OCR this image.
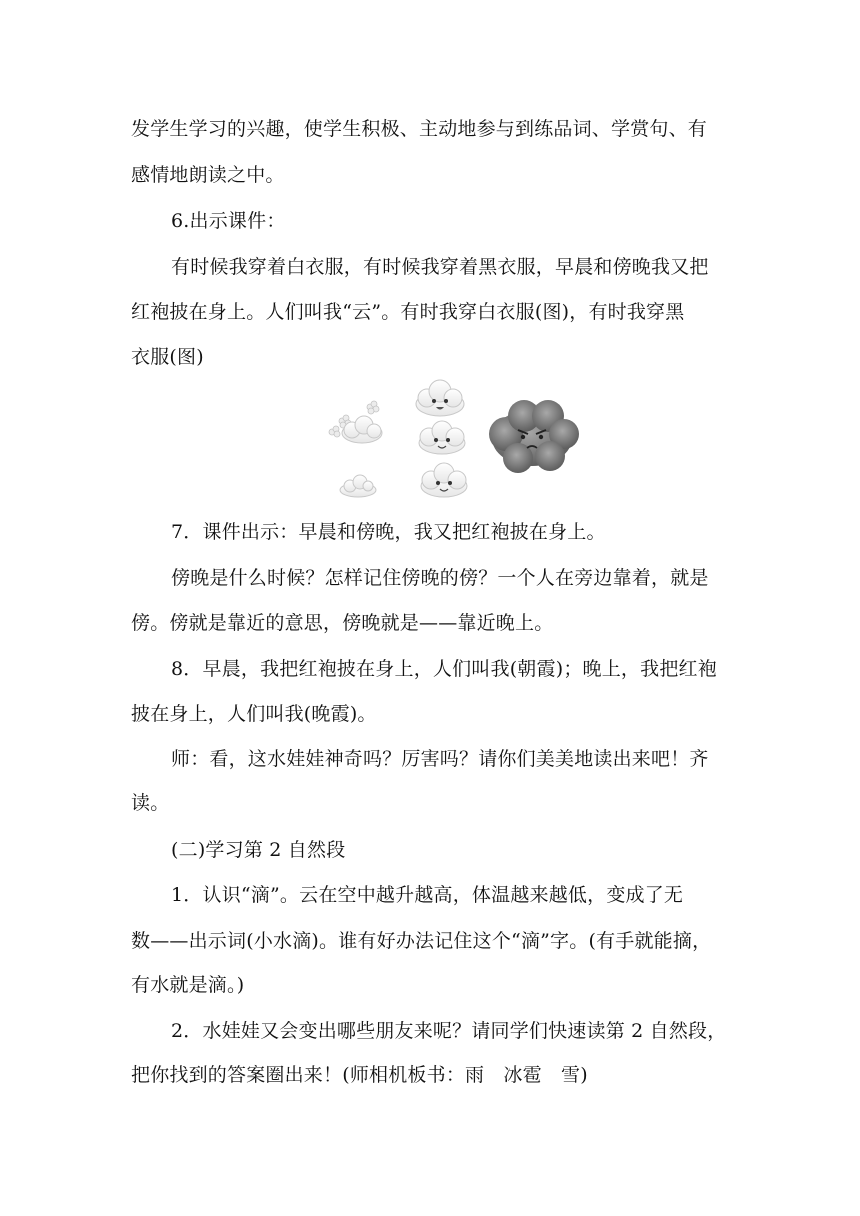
发学生学习的兴趣，使学生积极、主动地参与到练品词、学赏句、有
感情地朗读之中。
6.出示课件：
有时候我穿着白衣服，有时候我穿着黑衣服，早晨和傍晚我又把
红袍披在身上。人们叫我“云”。有时我穿白衣服(图)，有时我穿黑
衣服(图)
7．课件出示：早晨和傍晚，我又把红袍披在身上。
傍晚是什么时候？怎样记住傍晚的傍？一个人在旁边靠着，就是
傍。傍就是靠近的意思，傍晚就是——靠近晚上。
8．早晨，我把红袍披在身上，人们叫我(朝霞)；晚上，我把红袍
披在身上，人们叫我(晚霞)。
师：看，这水娃娃神奇吗？厉害吗？请你们美美地读出来吧！齐
读。
(二)学习第 2 自然段
1．认识“滴”。云在空中越升越高，体温越来越低，变成了无
数——出示词(小水滴)。谁有好办法记住这个“滴”字。(有手就能摘，
有水就是滴。)
2．水娃娃又会变出哪些朋友来呢？请同学们快速读第 2 自然段，
把你找到的答案圈出来！(师相机板书：雨　冰雹　雪)
